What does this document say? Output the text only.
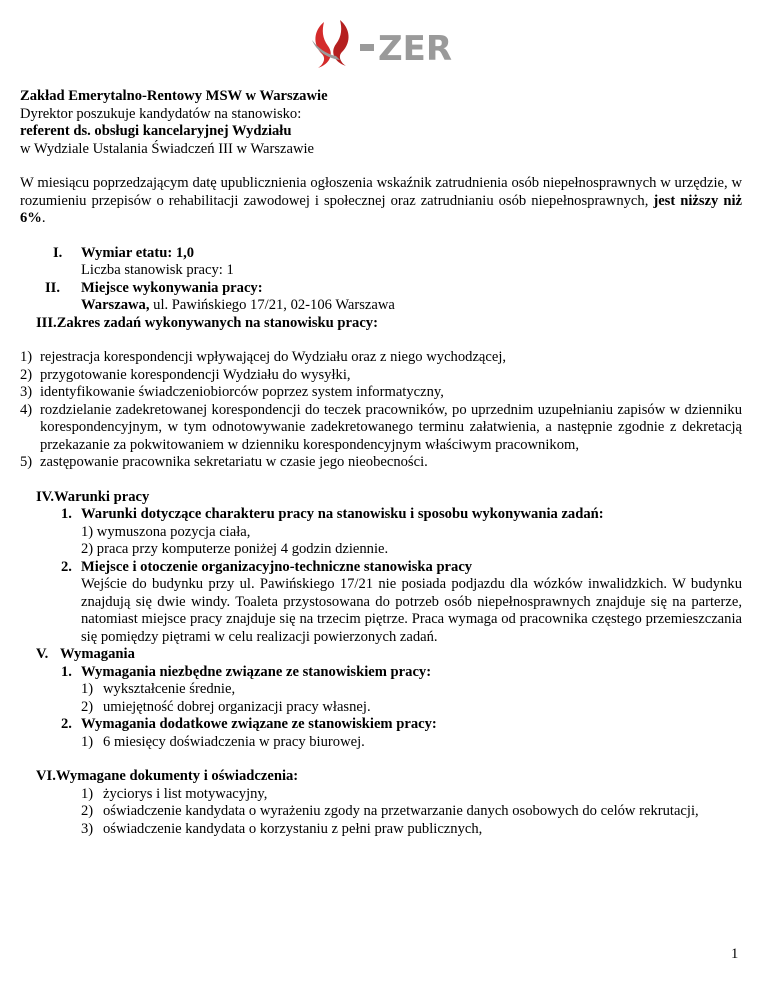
ZER

Zakład Emerytalno-Rentowy MSW w Warszawie

Dyrektor poszukuje kandydatów na stanowisko:

referent ds. obsługi kancelaryjnej Wydziału

w Wydziale Ustalania Świadczeń III w Warszawie

W miesiącu poprzedzającym datę upublicznienia ogłoszenia wskaźnik zatrudnienia osób niepełnosprawnych w urzędzie, w rozumieniu przepisów o rehabilitacji zawodowej i społecznej oraz zatrudnianiu osób niepełnosprawnych, jest niższy niż 6%.

I. Wymiar etatu: 1,0

Liczba stanowisk pracy: 1

II. Miejsce wykonywania pracy:

Warszawa, ul. Pawińskiego 17/21, 02-106 Warszawa

III.Zakres zadań wykonywanych na stanowisku pracy:

1) rejestracja korespondencji wpływającej do Wydziału oraz z niego wychodzącej,
2) przygotowanie korespondencji Wydziału do wysyłki,
3) identyfikowanie świadczeniobiorców poprzez system informatyczny,
4) rozdzielanie zadekretowanej korespondencji do teczek pracowników, po uprzednim uzupełnianiu zapisów w dzienniku korespondencyjnym, w tym odnotowywanie zadekretowanego terminu załatwienia, a następnie zgodnie z dekretacją przekazanie za pokwitowaniem w dzienniku korespondencyjnym właściwym pracownikom,
5) zastępowanie pracownika sekretariatu w czasie jego nieobecności.

IV.Warunki pracy

1. Warunki dotyczące charakteru pracy na stanowisku i sposobu wykonywania zadań:

1) wymuszona pozycja ciała,

2) praca przy komputerze poniżej 4 godzin dziennie.

2. Miejsce i otoczenie organizacyjno-techniczne stanowiska pracy

Wejście do budynku przy ul. Pawińskiego 17/21 nie posiada podjazdu dla wózków inwalidzkich. W budynku znajdują się dwie windy. Toaleta przystosowana do potrzeb osób niepełnosprawnych znajduje się na parterze, natomiast miejsce pracy znajduje się na trzecim piętrze. Praca wymaga od pracownika częstego przemieszczania się pomiędzy piętrami w celu realizacji powierzonych zadań.

V. Wymagania

1. Wymagania niezbędne związane ze stanowiskiem pracy:
1) wykształcenie średnie,
2) umiejętność dobrej organizacji pracy własnej.
2. Wymagania dodatkowe związane ze stanowiskiem pracy:
1) 6 miesięcy doświadczenia w pracy biurowej.

VI.Wymagane dokumenty i oświadczenia:

1) życiorys i list motywacyjny,
2) oświadczenie kandydata o wyrażeniu zgody na przetwarzanie danych osobowych do celów rekrutacji,
3) oświadczenie kandydata o korzystaniu z pełni praw publicznych,
1
